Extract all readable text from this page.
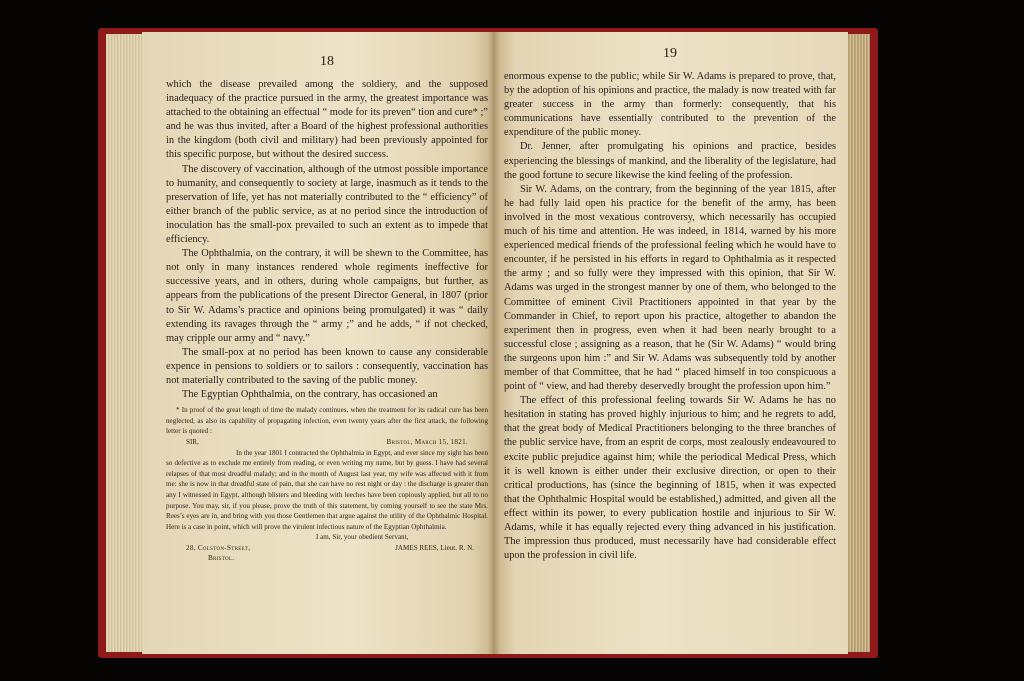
18

which the disease prevailed among the soldiery, and the supposed inadequacy of the practice pursued in the army, the greatest importance was attached to the obtaining an effectual “ mode for its preven“ tion and cure* ;” and he was thus invited, after a Board of the highest professional authorities in the kingdom (both civil and military) had been previously appointed for this specific purpose, but without the desired success.

The discovery of vaccination, although of the utmost possible importance to humanity, and consequently to society at large, inasmuch as it tends to the preservation of life, yet has not materially contributed to the “ efficiency” of either branch of the public service, as at no period since the introduction of inoculation has the small-pox prevailed to such an extent as to impede that efficiency.

The Ophthalmia, on the contrary, it will be shewn to the Committee, has not only in many instances rendered whole regiments ineffective for successive years, and in others, during whole campaigns, but further, as appears from the publications of the present Director General, in 1807 (prior to Sir W. Adams’s practice and opinions being promulgated) it was “ daily extending its ravages through the “ army ;” and he adds, “ if not checked, may cripple our army and “ navy.”

The small-pox at no period has been known to cause any considerable expence in pensions to soldiers or to sailors : consequently, vaccination has not materially contributed to the saving of the public money.

The Egyptian Ophthalmia, on the contrary, has occasioned an

* In proof of the great length of time the malady continues, when the treatment for its radical cure has been neglected, as also its capability of propagating infection, even twenty years after the first attack, the following letter is quoted :

SIR,	Bristol, March 15, 1821.

In the year 1801 I contracted the Ophthalmia in Egypt, and ever since my sight has been so defective as to exclude me entirely from reading, or even writing my name, but by guess. I have had several relapses of that most dreadful malady; and in the month of August last year, my wife was affected with it from me: she is now in that dreadful state of pain, that she can have no rest night or day : the discharge is greater than any I witnessed in Egypt, although blisters and bleeding with leeches have been copiously applied, but all to no purpose. You may, sir, if you please, prove the truth of this statement, by coming yourself to see the state Mrs. Rees’s eyes are in, and bring with you those Gentlemen that argue against the utility of the Ophthalmic Hospital. Here is a case in point, which will prove the virulent infectious nature of the Egyptian Ophthalmia.

I am, Sir, your obedient Servant,
28, Colston-Street,	JAMES REES, Lieut. R. N.
Bristol.
19

enormous expense to the public; while Sir W. Adams is prepared to prove, that, by the adoption of his opinions and practice, the malady is now treated with far greater success in the army than formerly: consequently, that his communications have essentially contributed to the prevention of the expenditure of the public money.

Dr. Jenner, after promulgating his opinions and practice, besides experiencing the blessings of mankind, and the liberality of the legislature, had the good fortune to secure likewise the kind feeling of the profession.

Sir W. Adams, on the contrary, from the beginning of the year 1815, after he had fully laid open his practice for the benefit of the army, has been involved in the most vexatious controversy, which necessarily has occupied much of his time and attention. He was indeed, in 1814, warned by his more experienced medical friends of the professional feeling which he would have to encounter, if he persisted in his efforts in regard to Ophthalmia as it respected the army ; and so fully were they impressed with this opinion, that Sir W. Adams was urged in the strongest manner by one of them, who belonged to the Committee of eminent Civil Practitioners appointed in that year by the Commander in Chief, to report upon his practice, altogether to abandon the experiment then in progress, even when it had been nearly brought to a successful close ; assigning as a reason, that he (Sir W. Adams) “ would bring the surgeons upon him :” and Sir W. Adams was subsequently told by another member of that Committee, that he had “ placed himself in too conspicuous a point of “ view, and had thereby deservedly brought the profession upon him.”

The effect of this professional feeling towards Sir W. Adams he has no hesitation in stating has proved highly injurious to him; and he regrets to add, that the great body of Medical Practitioners belonging to the three branches of the public service have, from an esprit de corps, most zealously endeavoured to excite public prejudice against him; while the periodical Medical Press, which it is well known is either under their exclusive direction, or open to their critical productions, has (since the beginning of 1815, when it was expected that the Ophthalmic Hospital would be established,) admitted, and given all the effect within its power, to every publication hostile and injurious to Sir W. Adams, while it has equally rejected every thing advanced in his justification. The impression thus produced, must necessarily have had considerable effect upon the profession in civil life.
